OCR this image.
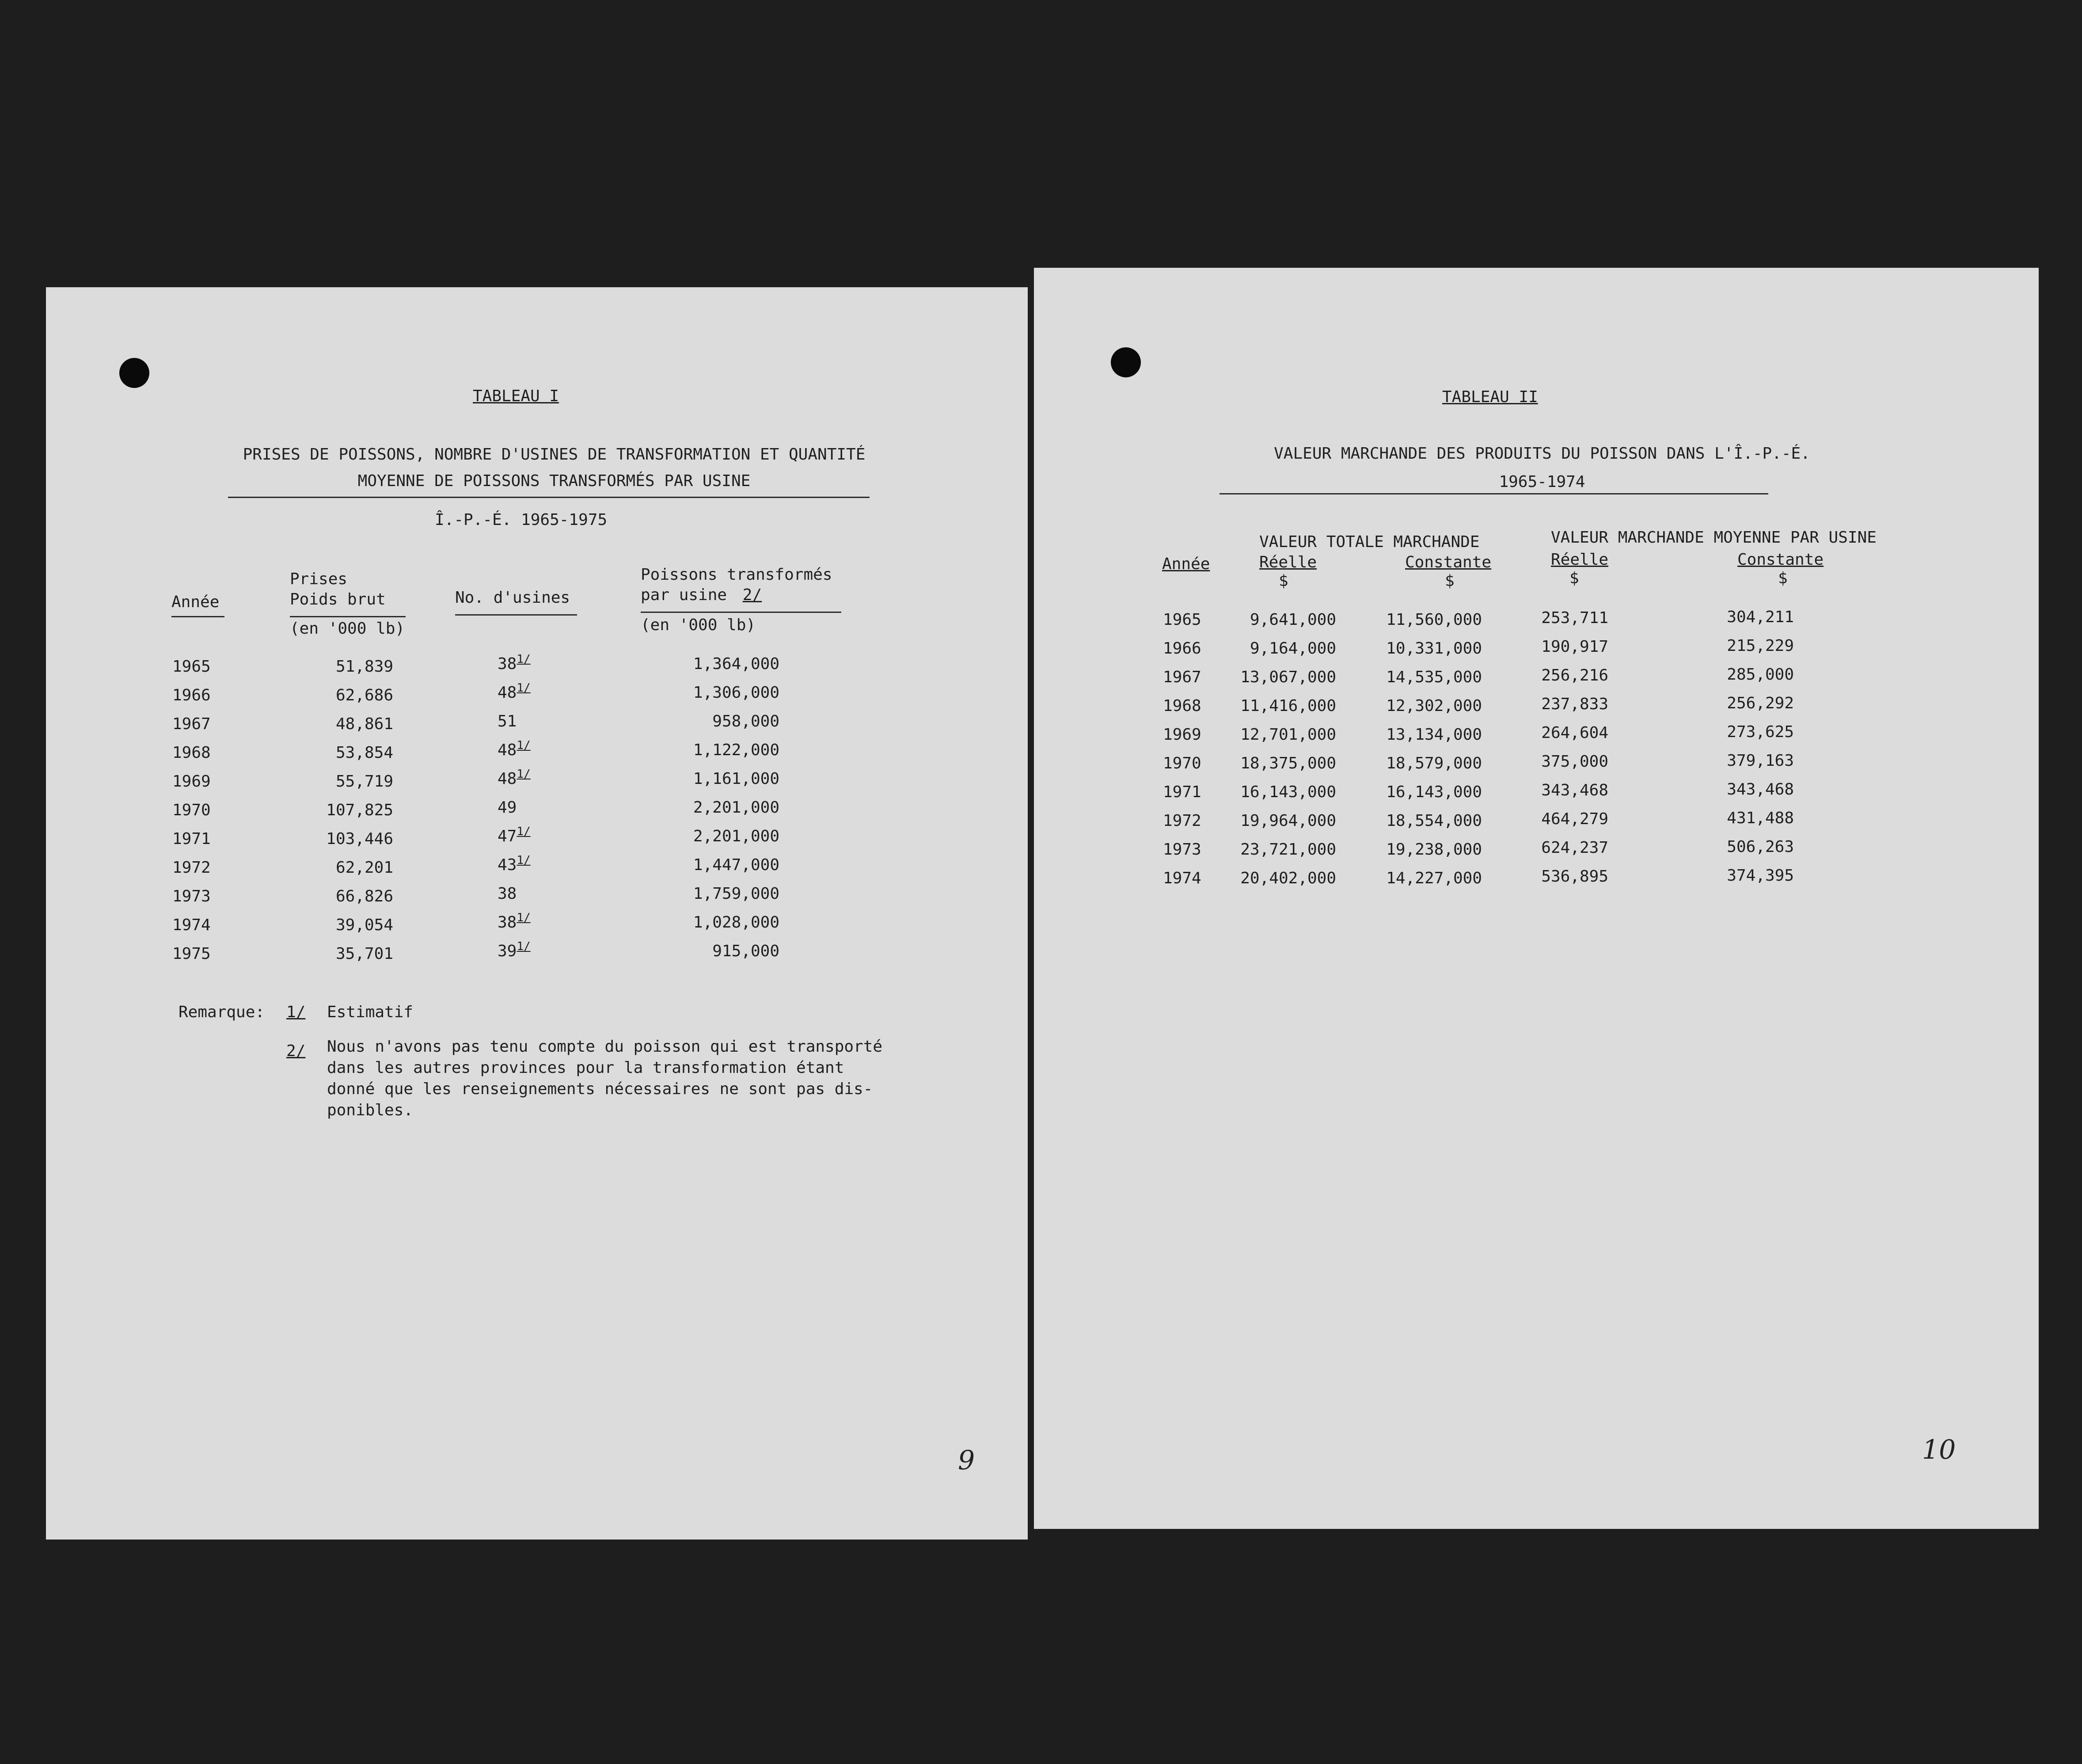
TABLEAU I
PRISES DE POISSONS, NOMBRE D'USINES DE TRANSFORMATION ET QUANTITÉ
MOYENNE DE POISSONS TRANSFORMÉS PAR USINE
Î.-P.-É. 1965-1975
Année
Prises
Poids brut
(en '000 lb)
No. d'usines
Poissons transformés
par usine 2/
(en '000 lb)
1965	51,839	$38^{1/}$	1,364,000
1966	62,686	$48^{1/}$	1,306,000
1967	48,861	51	958,000
1968	53,854	$48^{1/}$	1,122,000
1969	55,719	$48^{1/}$	1,161,000
1970	107,825	49	2,201,000
1971	103,446	$47^{1/}$	2,201,000
1972	62,201	$43^{1/}$	1,447,000
1973	66,826	38	1,759,000
1974	39,054	$38^{1/}$	1,028,000
1975	35,701	$39^{1/}$	915,000
Remarque: 1/ Estimatif
2/ Nous n'avons pas tenu compte du poisson qui est transporté
dans les autres provinces pour la transformation étant
donné que les renseignements nécessaires ne sont pas dis-
ponibles.
9
TABLEAU II
VALEUR MARCHANDE DES PRODUITS DU POISSON DANS L'Î.-P.-É.
1965-1974
Année
VALEUR TOTALE MARCHANDE	VALEUR MARCHANDE MOYENNE PAR USINE
Réelle
$
Constante
$
Réelle
$
Constante
$
1965	9,641,000	11,560,000	253,711	304,211
1966	9,164,000	10,331,000	190,917	215,229
1967	13,067,000	14,535,000	256,216	285,000
1968	11,416,000	12,302,000	237,833	256,292
1969	12,701,000	13,134,000	264,604	273,625
1970	18,375,000	18,579,000	375,000	379,163
1971	16,143,000	16,143,000	343,468	343,468
1972	19,964,000	18,554,000	464,279	431,488
1973	23,721,000	19,238,000	624,237	506,263
1974	20,402,000	14,227,000	536,895	374,395
10
